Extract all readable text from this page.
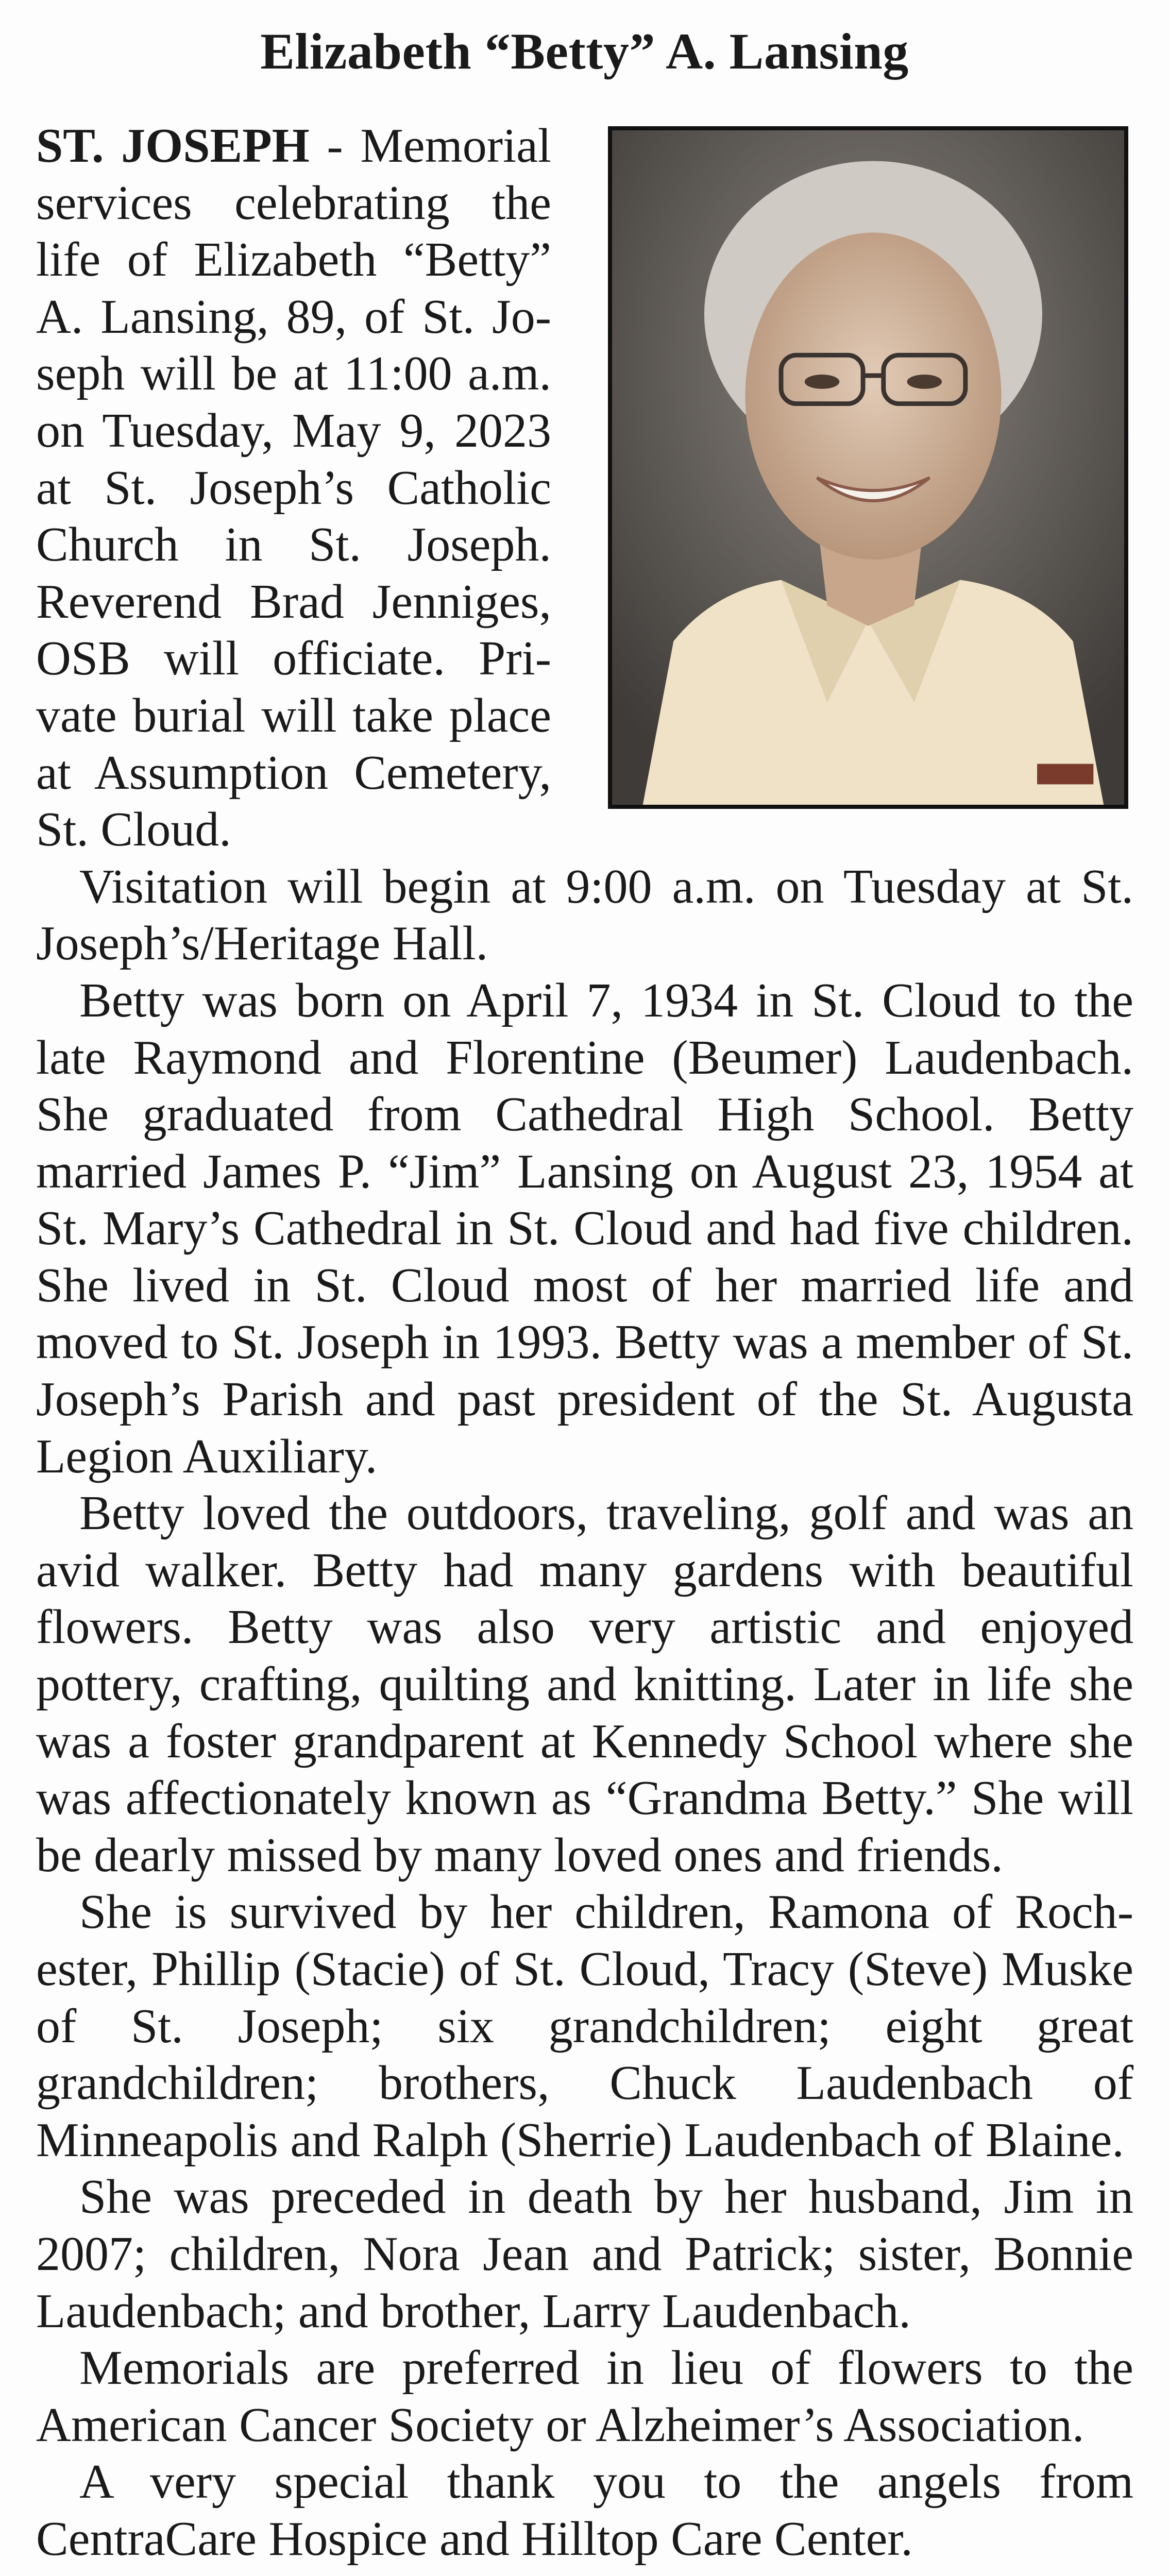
Elizabeth “Betty” A. Lansing

ST. JOSEPH - Memorial services celebrating the life of Elizabeth “Betty” A. Lansing, 89, of St. Joseph will be at 11:00 a.m. on Tuesday, May 9, 2023 at St. Joseph’s Catholic Church in St. Joseph. Reverend Brad Jenniges, OSB will officiate. Private burial will take place at Assumption Cemetery, St. Cloud.

Visitation will begin at 9:00 a.m. on Tuesday at St. Joseph’s/Heritage Hall.

Betty was born on April 7, 1934 in St. Cloud to the late Raymond and Florentine (Beumer) Laudenbach. She graduated from Cathedral High School. Betty married James P. “Jim” Lansing on August 23, 1954 at St. Mary’s Cathedral in St. Cloud and had five children. She lived in St. Cloud most of her married life and moved to St. Joseph in 1993. Betty was a member of St. Joseph’s Parish and past president of the St. Augusta Legion Auxiliary.

Betty loved the outdoors, traveling, golf and was an avid walker. Betty had many gardens with beautiful flowers. Betty was also very artistic and enjoyed pottery, crafting, quilting and knitting. Later in life she was a foster grandparent at Kennedy School where she was affectionately known as “Grandma Betty.” She will be dearly missed by many loved ones and friends.

She is survived by her children, Ramona of Rochester, Phillip (Stacie) of St. Cloud, Tracy (Steve) Muske of St. Joseph; six grandchildren; eight great grandchildren; brothers, Chuck Laudenbach of Minneapolis and Ralph (Sherrie) Laudenbach of Blaine.

She was preceded in death by her husband, Jim in 2007; children, Nora Jean and Patrick; sister, Bonnie Laudenbach; and brother, Larry Laudenbach.

Memorials are preferred in lieu of flowers to the American Cancer Society or Alzheimer’s Association.

A very special thank you to the angels from CentraCare Hospice and Hilltop Care Center.
